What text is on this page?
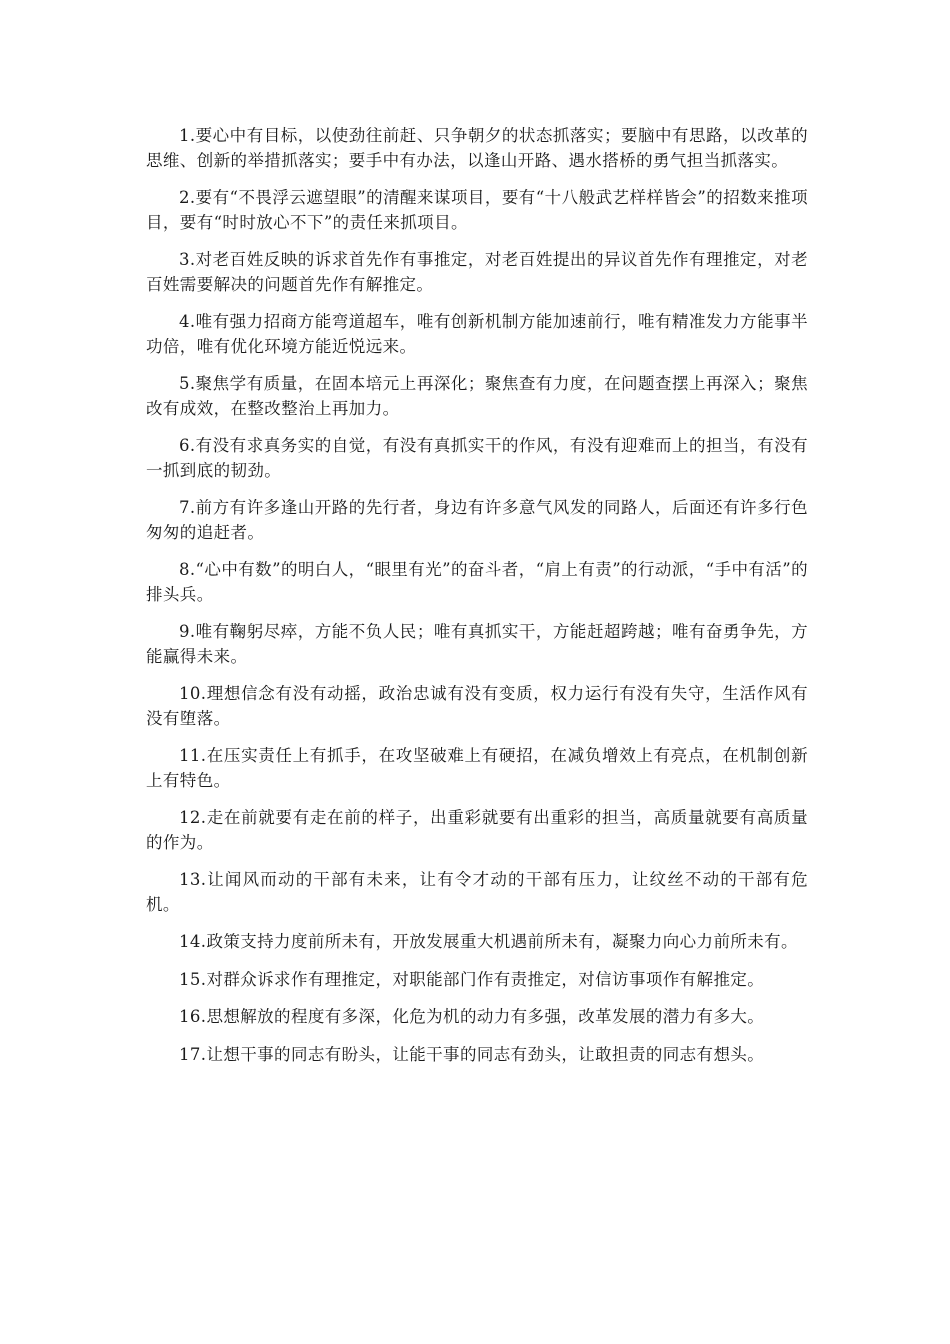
1.要心中有目标，以使劲往前赶、只争朝夕的状态抓落实；要脑中有思路，以改革的思维、创新的举措抓落实；要手中有办法，以逢山开路、遇水搭桥的勇气担当抓落实。

2.要有“不畏浮云遮望眼”的清醒来谋项目，要有“十八般武艺样样皆会”的招数来推项目，要有“时时放心不下”的责任来抓项目。

3.对老百姓反映的诉求首先作有事推定，对老百姓提出的异议首先作有理推定，对老百姓需要解决的问题首先作有解推定。

4.唯有强力招商方能弯道超车，唯有创新机制方能加速前行，唯有精准发力方能事半功倍，唯有优化环境方能近悦远来。

5.聚焦学有质量，在固本培元上再深化；聚焦查有力度，在问题查摆上再深入；聚焦改有成效，在整改整治上再加力。

6.有没有求真务实的自觉，有没有真抓实干的作风，有没有迎难而上的担当，有没有一抓到底的韧劲。

7.前方有许多逢山开路的先行者，身边有许多意气风发的同路人，后面还有许多行色匆匆的追赶者。

8.“心中有数”的明白人，“眼里有光”的奋斗者，“肩上有责”的行动派，“手中有活”的排头兵。

9.唯有鞠躬尽瘁，方能不负人民；唯有真抓实干，方能赶超跨越；唯有奋勇争先，方能赢得未来。

10.理想信念有没有动摇，政治忠诚有没有变质，权力运行有没有失守，生活作风有没有堕落。

11.在压实责任上有抓手，在攻坚破难上有硬招，在减负增效上有亮点，在机制创新上有特色。

12.走在前就要有走在前的样子，出重彩就要有出重彩的担当，高质量就要有高质量的作为。

13.让闻风而动的干部有未来，让有令才动的干部有压力，让纹丝不动的干部有危机。

14.政策支持力度前所未有，开放发展重大机遇前所未有，凝聚力向心力前所未有。

15.对群众诉求作有理推定，对职能部门作有责推定，对信访事项作有解推定。

16.思想解放的程度有多深，化危为机的动力有多强，改革发展的潜力有多大。

17.让想干事的同志有盼头，让能干事的同志有劲头，让敢担责的同志有想头。
